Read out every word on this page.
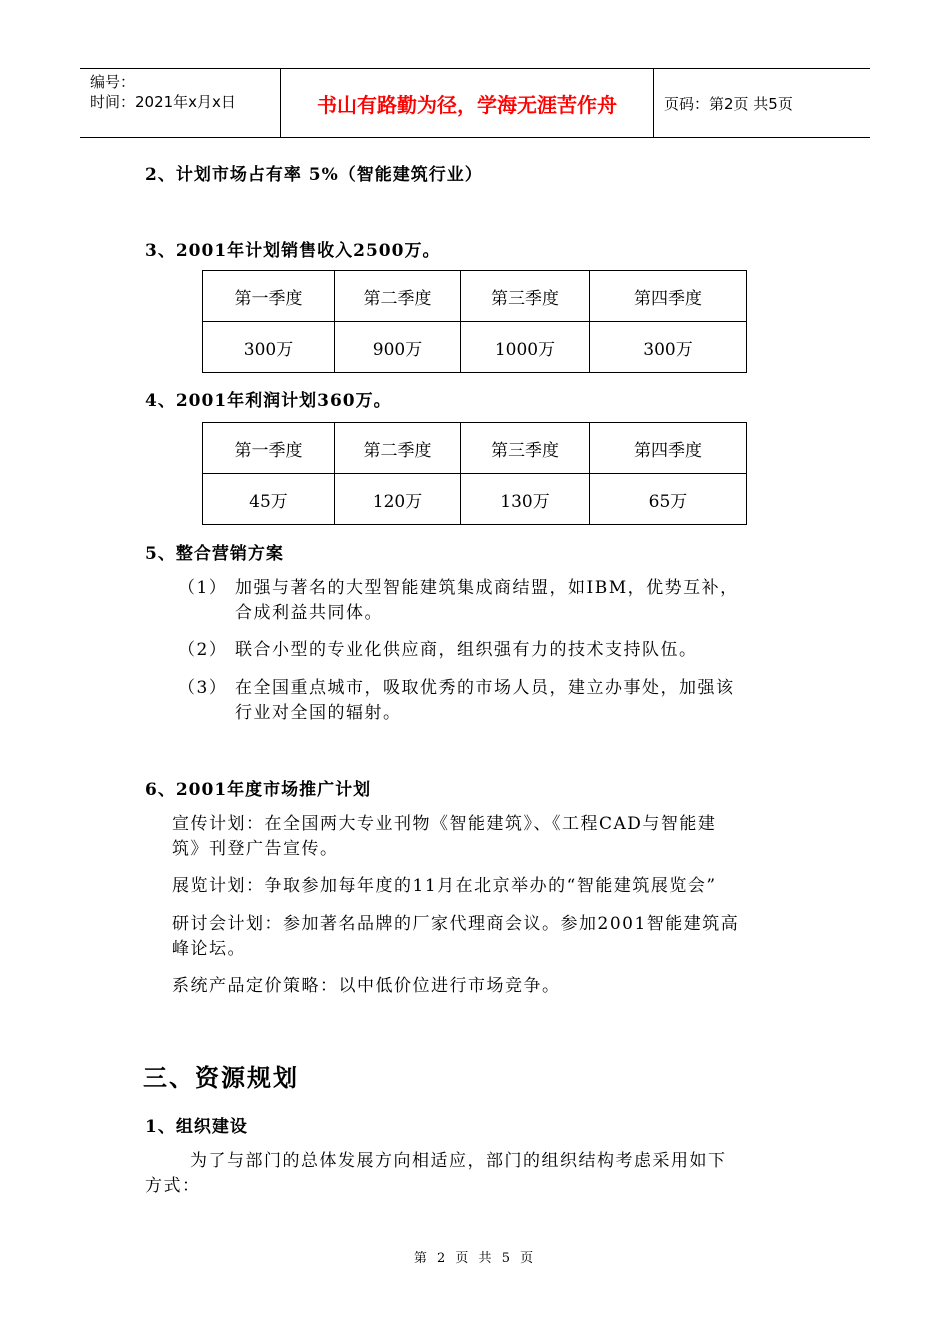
编号：
时间：2021年x月x日	书山有路勤为径，学海无涯苦作舟	页码：第2页 共5页
2、计划市场占有率 5%（智能建筑行业）
3、2001年计划销售收入2500万。
第一季度	第二季度	第三季度	第四季度
300万	900万	1000万	300万
4、2001年利润计划360万。
第一季度	第二季度	第三季度	第四季度
45万	120万	130万	65万
5、整合营销方案
（1） 加强与著名的大型智能建筑集成商结盟，如IBM，优势互补，
合成利益共同体。
（2） 联合小型的专业化供应商，组织强有力的技术支持队伍。
（3） 在全国重点城市，吸取优秀的市场人员，建立办事处，加强该
行业对全国的辐射。
6、2001年度市场推广计划
宣传计划：在全国两大专业刊物《智能建筑》、《工程CAD与智能建
筑》刊登广告宣传。
展览计划：争取参加每年度的11月在北京举办的“智能建筑展览会”
研讨会计划：参加著名品牌的厂家代理商会议。参加2001智能建筑高
峰论坛。
系统产品定价策略：以中低价位进行市场竞争。
三、资源规划
1、组织建设
为了与部门的总体发展方向相适应，部门的组织结构考虑采用如下
方式：
第 2 页 共 5 页
